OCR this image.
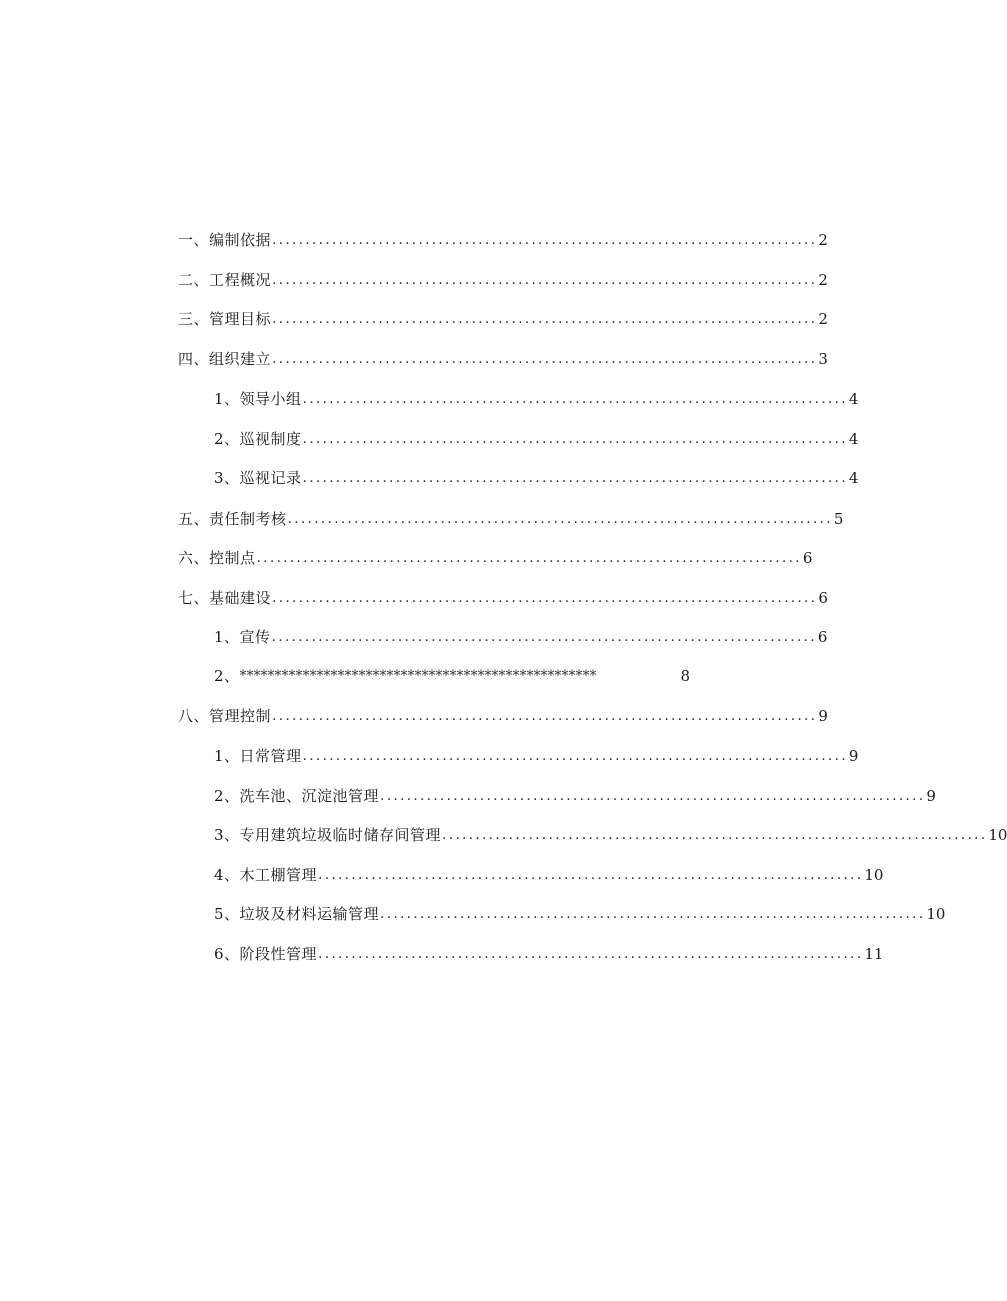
一、编制依据 .................................................................................. 2
二、工程概况 .................................................................................. 2
三、管理目标 .................................................................................. 2
四、组织建立 .................................................................................. 3
1、领导小组 .................................................................................. 4
2、巡视制度 .................................................................................. 4
3、巡视记录 .................................................................................. 4
五、责任制考核 .................................................................................. 5
六、控制点 .................................................................................. 6
七、基础建设 .................................................................................. 6
1、宣传 .................................................................................. 6
2、 ***************************************************	8
八、管理控制 .................................................................................. 9
1、日常管理 .................................................................................. 9
2、洗车池、沉淀池管理 .................................................................................. 9
3、专用建筑垃圾临时储存间管理 .................................................................................. 10
4、木工棚管理 .................................................................................. 10
5、垃圾及材料运输管理 .................................................................................. 10
6、阶段性管理 .................................................................................. 11
